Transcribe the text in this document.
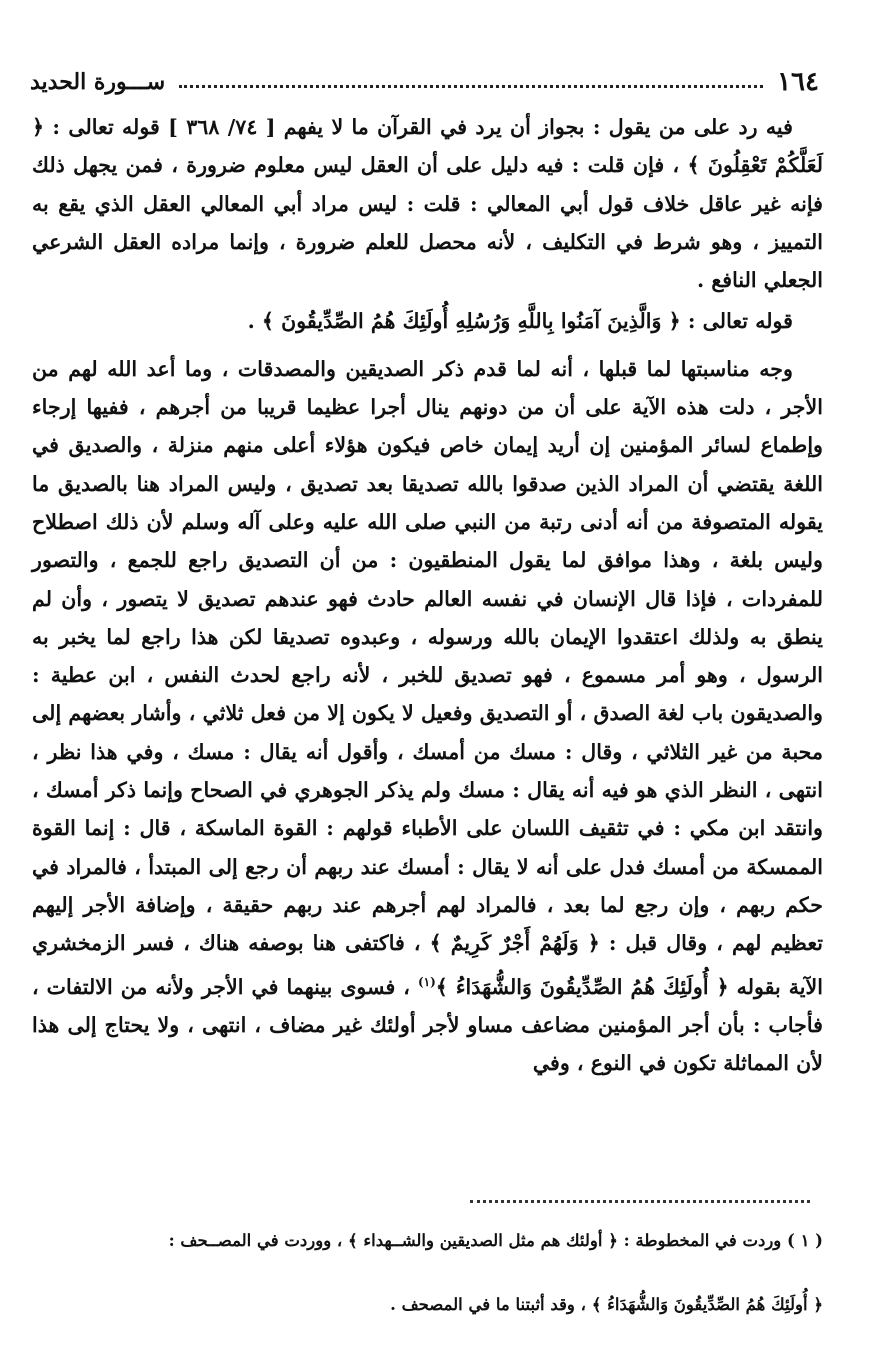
١٦٤
ســـورة الحديد

فيه رد على من يقول : بجواز أن يرد في القرآن ما لا يفهم [ ٧٤/ ٣٦٨ ] قوله تعالى : ﴿ لَعَلَّكُمْ تَعْقِلُونَ ﴾ ، فإن قلت : فيه دليل على أن العقل ليس معلوم ضرورة ، فمن يجهل ذلك فإنه غير عاقل خلاف قول أبي المعالي : قلت : ليس مراد أبي المعالي العقل الذي يقع به التمييز ، وهو شرط في التكليف ، لأنه محصل للعلم ضرورة ، وإنما مراده العقل الشرعي الجعلي النافع .

قوله تعالى : ﴿ وَالَّذِينَ آمَنُوا بِاللَّهِ وَرُسُلِهِ أُولَئِكَ هُمُ الصِّدِّيقُونَ ﴾ .

وجه مناسبتها لما قبلها ، أنه لما قدم ذكر الصديقين والمصدقات ، وما أعد الله لهم من الأجر ، دلت هذه الآية على أن من دونهم ينال أجرا عظيما قريبا من أجرهم ، ففيها إرجاء وإطماع لسائر المؤمنين إن أريد إيمان خاص فيكون هؤلاء أعلى منهم منزلة ، والصديق في اللغة يقتضي أن المراد الذين صدقوا بالله تصديقا بعد تصديق ، وليس المراد هنا بالصديق ما يقوله المتصوفة من أنه أدنى رتبة من النبي صلى الله عليه وعلى آله وسلم لأن ذلك اصطلاح وليس بلغة ، وهذا موافق لما يقول المنطقيون : من أن التصديق راجع للجمع ، والتصور للمفردات ، فإذا قال الإنسان في نفسه العالم حادث فهو عندهم تصديق لا يتصور ، وأن لم ينطق به ولذلك اعتقدوا الإيمان بالله ورسوله ، وعبدوه تصديقا لكن هذا راجع لما يخبر به الرسول ، وهو أمر مسموع ، فهو تصديق للخبر ، لأنه راجع لحدث النفس ، ابن عطية : والصديقون باب لغة الصدق ، أو التصديق وفعيل لا يكون إلا من فعل ثلاثي ، وأشار بعضهم إلى محبة من غير الثلاثي ، وقال : مسك من أمسك ، وأقول أنه يقال : مسك ، وفي هذا نظر ، انتهى ، النظر الذي هو فيه أنه يقال : مسك ولم يذكر الجوهري في الصحاح وإنما ذكر أمسك ، وانتقد ابن مكي : في تثقيف اللسان على الأطباء قولهم : القوة الماسكة ، قال : إنما القوة الممسكة من أمسك فدل على أنه لا يقال : أمسك عند ربهم أن رجع إلى المبتدأ ، فالمراد في حكم ربهم ، وإن رجع لما بعد ، فالمراد لهم أجرهم عند ربهم حقيقة ، وإضافة الأجر إليهم تعظيم لهم ، وقال قبل : ﴿ وَلَهُمْ أَجْرٌ كَرِيمٌ ﴾ ، فاكتفى هنا بوصفه هناك ، فسر الزمخشري الآية بقوله ﴿ أُولَئِكَ هُمُ الصِّدِّيقُونَ وَالشُّهَدَاءُ ﴾$^{(١)}$ ، فسوى بينهما في الأجر ولأنه من الالتفات ، فأجاب : بأن أجر المؤمنين مضاعف مساو لأجر أولئك غير مضاف ، انتهى ، ولا يحتاج إلى هذا لأن المماثلة تكون في النوع ، وفي

( ١ ) وردت في المخطوطة : ﴿ أولئك هم مثل الصديقين والشــهداء ﴾ ، ووردت في المصــحف :

﴿ أُولَئِكَ هُمُ الصِّدِّيقُونَ وَالشُّهَدَاءُ ﴾ ، وقد أثبتنا ما في المصحف .
